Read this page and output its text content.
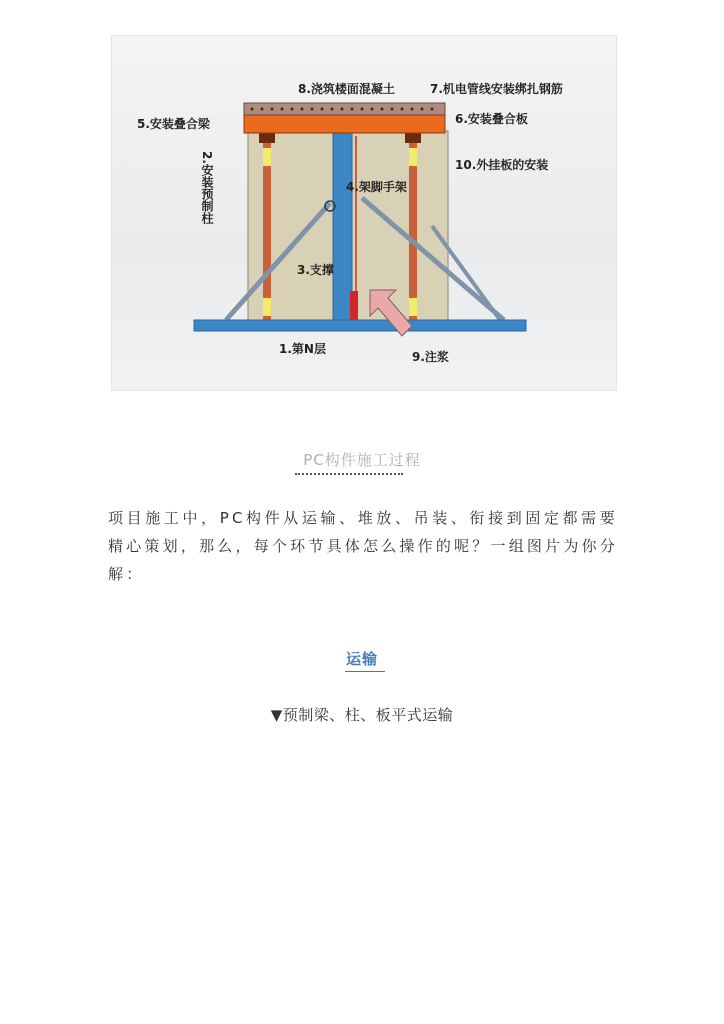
8.浇筑楼面混凝土	7.机电管线安装绑扎钢筋
5.安装叠合梁	6.安装叠合板
2.安装预制柱	10.外挂板的安装
4.架脚手架
3.支撑
1.第N层
9.注浆
PC构件施工过程
项目施工中，PC构件从运输、堆放、吊装、衔接到固定都需要精心策划，那么，每个环节具体怎么操作的呢？一组图片为你分解：
运输
▼预制梁、柱、板平式运输
